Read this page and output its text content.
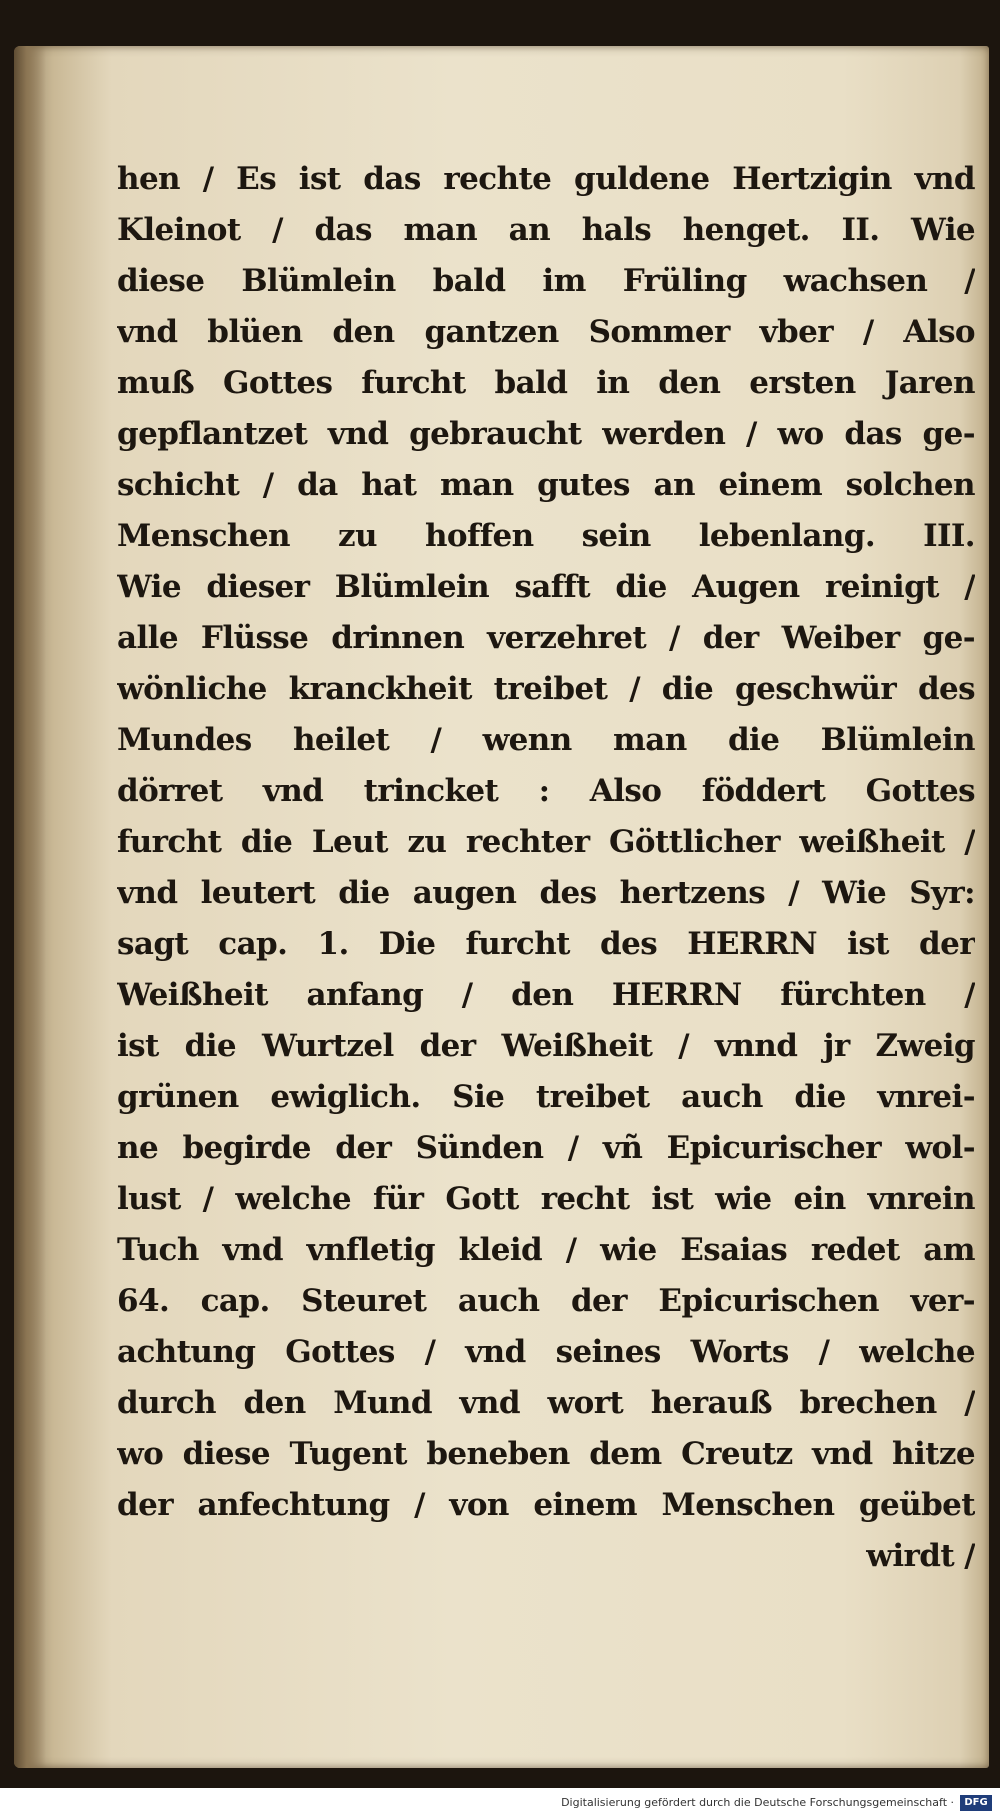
hen / Es ist das rechte guldene Hertzigin vnd
Kleinot / das man an hals henget. II. Wie
diese Blümlein bald im Früling wachsen /
vnd blüen den gantzen Sommer vber / Also
muß Gottes furcht bald in den ersten Jaren
gepflantzet vnd gebraucht werden / wo das ge-
schicht / da hat man gutes an einem solchen
Menschen zu hoffen sein lebenlang. III.
Wie dieser Blümlein safft die Augen reinigt /
alle Flüsse drinnen verzehret / der Weiber ge-
wönliche kranckheit treibet / die geschwür des
Mundes heilet / wenn man die Blümlein
dörret vnd trincket : Also föddert Gottes
furcht die Leut zu rechter Göttlicher weißheit /
vnd leutert die augen des hertzens / Wie Syr:
sagt cap. 1. Die furcht des HERRN ist der
Weißheit anfang / den HERRN fürchten /
ist die Wurtzel der Weißheit / vnnd jr Zweig
grünen ewiglich. Sie treibet auch die vnrei-
ne begirde der Sünden / vñ Epicurischer wol-
lust / welche für Gott recht ist wie ein vnrein
Tuch vnd vnfletig kleid / wie Esaias redet am
64. cap. Steuret auch der Epicurischen ver-
achtung Gottes / vnd seines Worts / welche
durch den Mund vnd wort herauß brechen /
wo diese Tugent beneben dem Creutz vnd hitze
der anfechtung / von einem Menschen geübet
wirdt /
Digitalisierung gefördert durch die Deutsche Forschungsgemeinschaft ·	DFG
